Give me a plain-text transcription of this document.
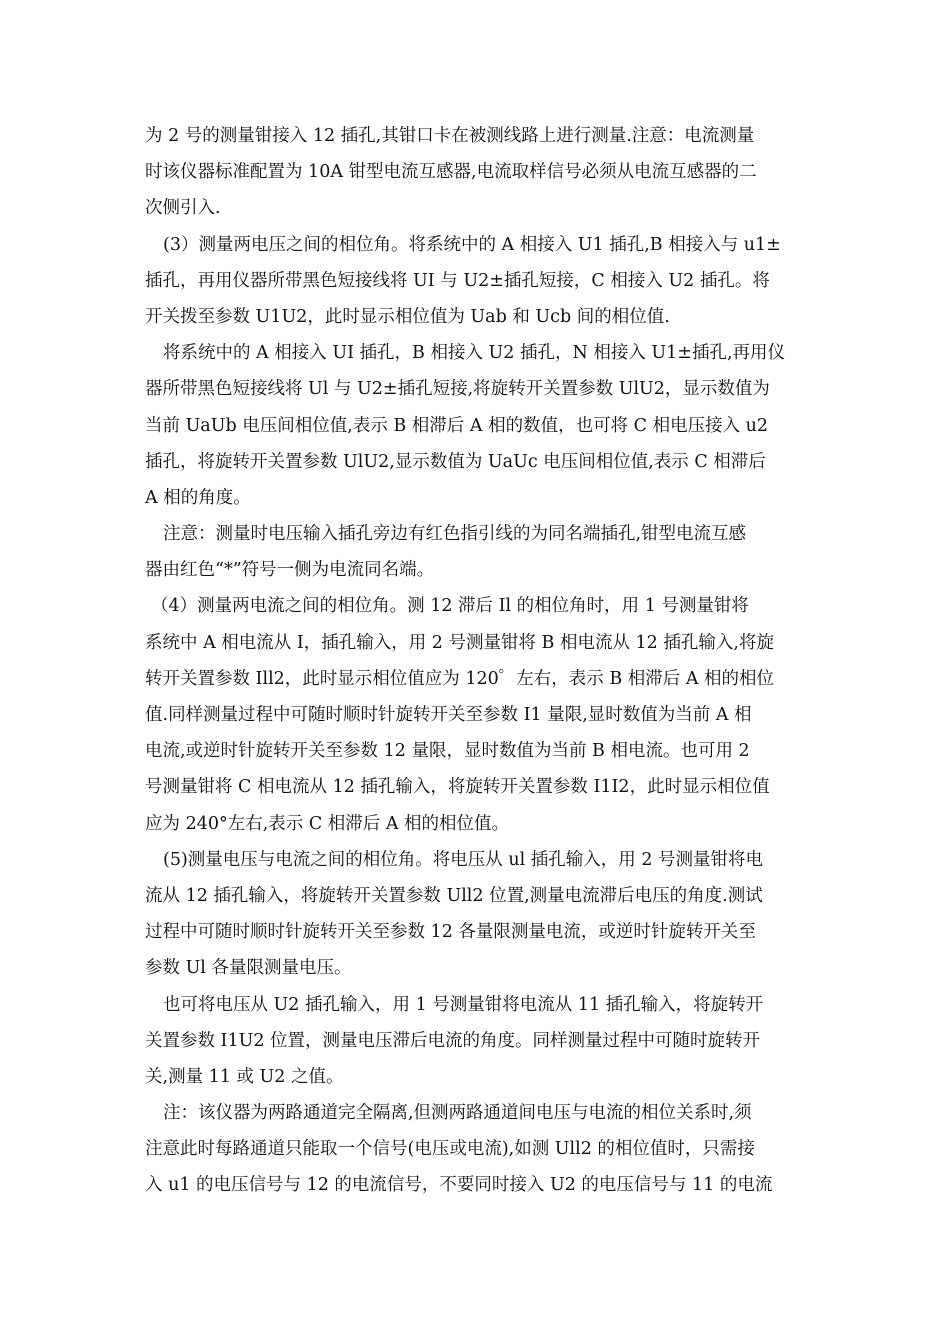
为 2 号的测量钳接入 12 插孔,其钳口卡在被测线路上进行测量.注意：电流测量
时该仪器标准配置为 10A 钳型电流互感器,电流取样信号必须从电流互感器的二
次侧引入.
(3）测量两电压之间的相位角。将系统中的 A 相接入 U1 插孔,B 相接入与 u1±
插孔，再用仪器所带黑色短接线将 UI 与 U2±插孔短接，C 相接入 U2 插孔。将
开关拨至参数 U1U2，此时显示相位值为 Uab 和 Ucb 间的相位值.
将系统中的 A 相接入 UI 插孔，B 相接入 U2 插孔，N 相接入 U1±插孔,再用仪
器所带黑色短接线将 Ul 与 U2±插孔短接,将旋转开关置参数 UlU2，显示数值为
当前 UaUb 电压间相位值,表示 B 相滞后 A 相的数值，也可将 C 相电压接入 u2
插孔，将旋转开关置参数 UlU2,显示数值为 UaUc 电压间相位值,表示 C 相滞后
A 相的角度。
注意：测量时电压输入插孔旁边有红色指引线的为同名端插孔,钳型电流互感
器由红色“*”符号一侧为电流同名端。
（4）测量两电流之间的相位角。测 12 滞后 Il 的相位角时，用 1 号测量钳将
系统中 A 相电流从 I，插孔输入，用 2 号测量钳将 B 相电流从 12 插孔输入,将旋
转开关置参数 Ill2，此时显示相位值应为 120゜左右，表示 B 相滞后 A 相的相位
值.同样测量过程中可随时顺时针旋转开关至参数 I1 量限,显时数值为当前 A 相
电流,或逆时针旋转开关至参数 12 量限，显时数值为当前 B 相电流。也可用 2
号测量钳将 C 相电流从 12 插孔输入，将旋转开关置参数 I1I2，此时显示相位值
应为 240°左右,表示 C 相滞后 A 相的相位值。
(5)测量电压与电流之间的相位角。将电压从 ul 插孔输入，用 2 号测量钳将电
流从 12 插孔输入，将旋转开关置参数 Ull2 位置,测量电流滞后电压的角度.测试
过程中可随时顺时针旋转开关至参数 12 各量限测量电流，或逆时针旋转开关至
参数 Ul 各量限测量电压。
也可将电压从 U2 插孔输入，用 1 号测量钳将电流从 11 插孔输入，将旋转开
关置参数 I1U2 位置，测量电压滞后电流的角度。同样测量过程中可随时旋转开
关,测量 11 或 U2 之值。
注：该仪器为两路通道完全隔离,但测两路通道间电压与电流的相位关系时,须
注意此时每路通道只能取一个信号(电压或电流),如测 Ull2 的相位值时，只需接
入 u1 的电压信号与 12 的电流信号，不要同时接入 U2 的电压信号与 11 的电流
